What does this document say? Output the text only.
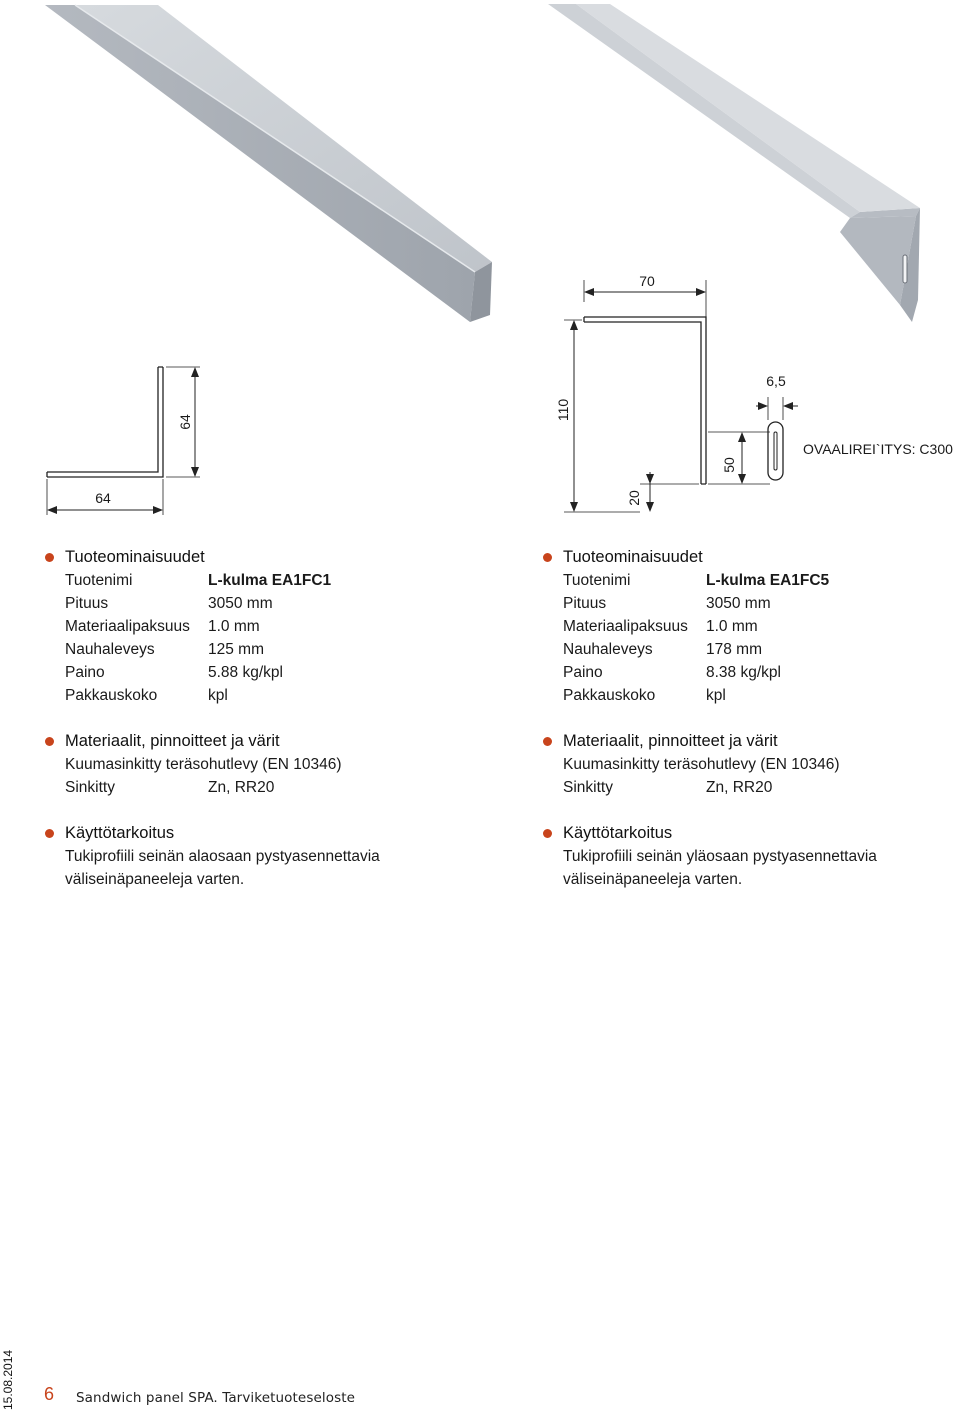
64
64
70
110
20
50
6,5
OVAALIREI`ITYS: C300
Tuoteominaisuudet
Tuotenimi	L-kulma EA1FC1
Pituus	3050 mm
Materiaalipaksuus	1.0 mm
Nauhaleveys	125 mm
Paino	5.88 kg/kpl
Pakkauskoko	kpl
Materiaalit, pinnoitteet ja värit
Kuumasinkitty teräsohutlevy (EN 10346)
Sinkitty	Zn, RR20
Käyttötarkoitus
Tukiprofiili seinän alaosaan pystyasennettavia
väliseinäpaneeleja varten.
Tuoteominaisuudet
Tuotenimi	L-kulma EA1FC5
Pituus	3050 mm
Materiaalipaksuus	1.0 mm
Nauhaleveys	178 mm
Paino	8.38 kg/kpl
Pakkauskoko	kpl
Materiaalit, pinnoitteet ja värit
Kuumasinkitty teräsohutlevy (EN 10346)
Sinkitty	Zn, RR20
Käyttötarkoitus
Tukiprofiili seinän yläosaan pystyasennettavia
väliseinäpaneeleja varten.
15.08.2014 6 Sandwich panel SPA. Tarviketuoteseloste
